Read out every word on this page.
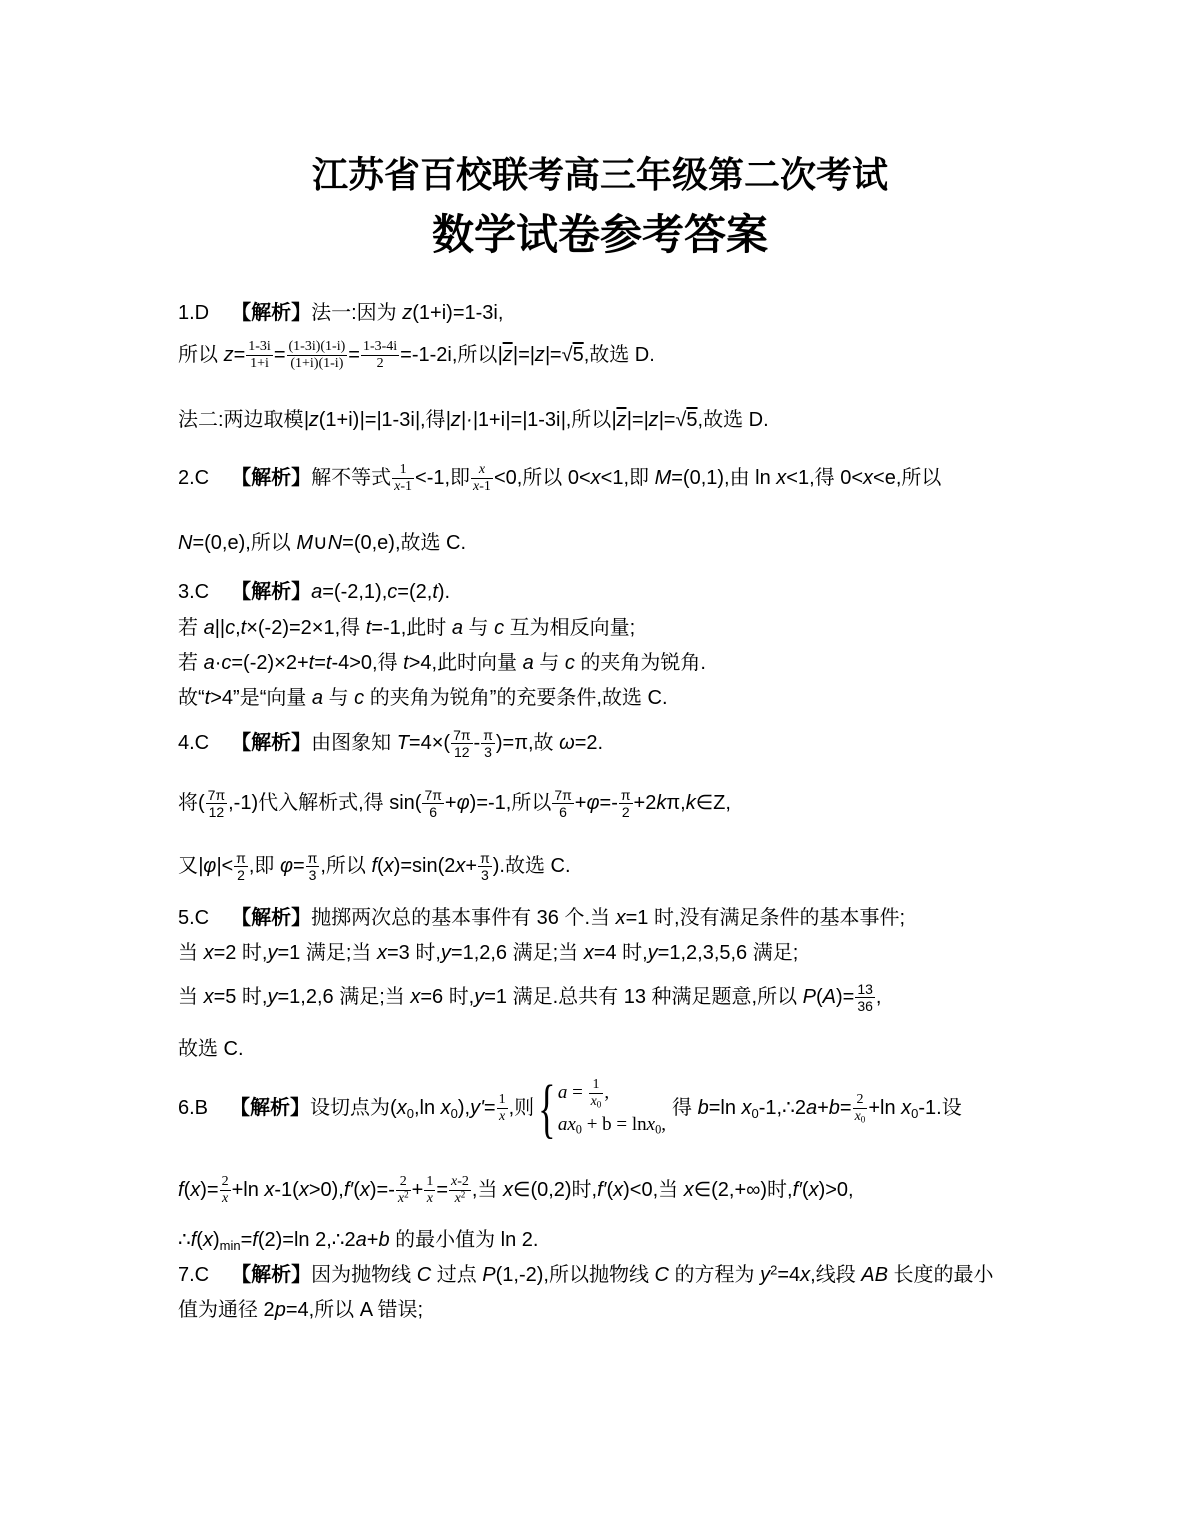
江苏省百校联考高三年级第二次考试
数学试卷参考答案
1.D 【解析】法一:因为 z(1+i)=1-3i,
所以 $z= \frac{1-3i}{1+i} = \frac{(1-3i)(1-i)}{(1+i)(1-i)} = \frac{1-3-4i}{2} =-1-2i$,所以$|\overline{z}|=|z|=√5$,故选 D.
法二:两边取模|z(1+i)|=|1-3i|,得|z|·|1+i|=|1-3i|,所以$|\overline{z}|=|z|=√5$,故选 D.
2.C 【解析】解不等式 $\frac{1}{x-1} <-1$,即 $\frac{x}{x-1} <0$,所以 0<x<1,即 M=(0,1),由 ln x<1,得 0<x<e,所以
N=(0,e),所以 M∪N=(0,e),故选 C.
3.C 【解析】a=(-2,1),c=(2,t).
若 a||c,t×(-2)=2×1,得 t=-1,此时 a 与 c 互为相反向量;
若 a·c=(-2)×2+t=t-4>0,得 t>4,此时向量 a 与 c 的夹角为锐角.
故“t>4”是“向量 a 与 c 的夹角为锐角”的充要条件,故选 C.
4.C 【解析】由图象知 $T=4\times( \frac{7\pi}{12} - \frac{\pi}{3} )=\pi$,故 ω=2.
将( $\frac{7\pi}{12} ,-1$)代入解析式,得 $\sin( \frac{7\pi}{6} +\varphi)=-1$,所以 $\frac{7\pi}{6} +\varphi=- \frac{\pi}{2}$ +2kπ,k∈Z,
又$|\varphi|< \frac{\pi}{2}$ ,即 $\varphi= \frac{\pi}{3}$ ,所以 $f(x)=\sin(2x+ \frac{\pi}{3}$ ).故选 C.
5.C 【解析】抛掷两次总的基本事件有 36 个.当 x=1 时,没有满足条件的基本事件;
当 x=2 时,y=1 满足;当 x=3 时,y=1,2,6 满足;当 x=4 时,y=1,2,3,5,6 满足;
当 x=5 时,y=1,2,6 满足;当 x=6 时,y=1 满足.总共有 13 种满足题意,所以 $P(A)= \frac{13}{36}$ ,
故选 C.
6.B 【解析】设切点为($x_0,\ln$ $x_0),y'= \frac{1}{x}$ ,则{ $a = \frac{1}{x_0}$ ,
$ax_0 + b = \ln x_0$,
得 b=ln $x_0-1,\therefore 2a+b= \frac{2}{x_0} +\ln$ $x_0-1$.设
$f(x)= \frac{2}{x} +\ln$ $x-1(x>0),f'(x)=- \frac{2}{x^2} + \frac{1}{x} = \frac{x-2}{x^2}$ ,当 x∈(0,2)时,f′(x)<0,当 x∈(2,+∞)时,f′(x)>0,
$\therefore f(x)_{min}=f(2)=\ln$ 2,∴2a+b 的最小值为 ln 2.
7.C 【解析】因为抛物线 C 过点 P(1,-2),所以抛物线 C 的方程为 $y^2=4x$,线段 AB 长度的最小
值为通径 2p=4,所以 A 错误;
